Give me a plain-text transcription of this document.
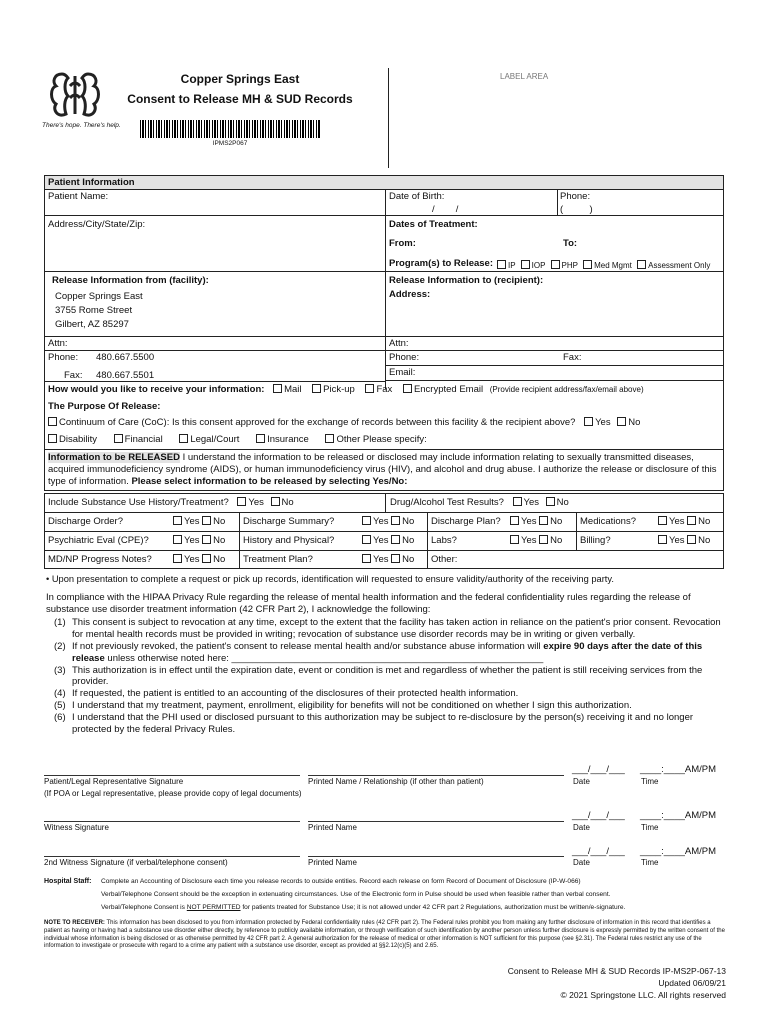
There's hope. There's help.
Copper Springs East
Consent to Release MH & SUD Records
IPMS2P067
LABEL AREA
Patient Information
Patient Name:	Date of Birth:
/        /
Phone:
(          )
Address/City/State/Zip:	Dates of Treatment:
From:	To:
Program(s) to Release:	IP IOP PHP Med Mgmt Assessment Only
Release Information from (facility):
Copper Springs East
3755 Rome Street
Gilbert, AZ 85297
Release Information to (recipient):
Address:
Attn:	Attn:
Phone: 480.667.5500	Phone:	Fax:
Fax: 480.667.5501	Email:
How would you like to receive your information: Mail Pick-up Fax Encrypted Email (Provide recipient address/fax/email above)
The Purpose Of Release:
Continuum of Care (CoC): Is this consent approved for the exchange of records between this facility & the recipient above? Yes No
Disability	Financial	Legal/Court	Insurance	Other Please specify:
Information to be RELEASED I understand the information to be released or disclosed may include information relating to sexually transmitted diseases, acquired immunodeficiency syndrome (AIDS), or human immunodeficiency virus (HIV), and alcohol and drug abuse. I authorize the release or disclosure of this type of information. Please select information to be released by selecting Yes/No:
Include Substance Use History/Treatment? Yes No	Drug/Alcohol Test Results? Yes No
Discharge Order?	Yes No Discharge Summary?	Yes No Discharge Plan?	Yes No Medications?	Yes No
Psychiatric Eval (CPE)?	Yes No History and Physical?	Yes No Labs?	Yes No Billing?	Yes No
MD/NP Progress Notes?	Yes No Treatment Plan?	Yes No Other:
• Upon presentation to complete a request or pick up records, identification will requested to ensure validity/authority of the receiving party.
In compliance with the HIPAA Privacy Rule regarding the release of mental health information and the federal confidentiality rules regarding the release of substance use disorder treatment information (42 CFR Part 2), I acknowledge the following:
(1) This consent is subject to revocation at any time, except to the extent that the facility has taken action in reliance on the patient's prior consent. Revocation for mental health records must be provided in writing; revocation of substance use disorder records may be in writing or given verbally.
(2) If not previously revoked, the patient's consent to release mental health and/or substance abuse information will expire 90 days after the date of this release unless otherwise noted here: ___________________________________________________________
(3) This authorization is in effect until the expiration date, event or condition is met and regardless of whether the patient is still receiving services from the provider.
(4) If requested, the patient is entitled to an accounting of the disclosures of their protected health information.
(5) I understand that my treatment, payment, enrollment, eligibility for benefits will not be conditioned on whether I sign this authorization.
(6) I understand that the PHI used or disclosed pursuant to this authorization may be subject to re-disclosure by the person(s) receiving it and no longer protected by the federal Privacy Rules.
Patient/Legal Representative Signature
(If POA or Legal representative, please provide copy of legal documents)
Printed Name / Relationship (if other than patient)
___/___/___ ____:____AM/PM
Date	Time
Witness Signature	Printed Name
___/___/___ ____:____AM/PM
Date	Time
2nd Witness Signature (if verbal/telephone consent)	Printed Name
___/___/___ ____:____AM/PM
Date	Time
Hospital Staff: Complete an Accounting of Disclosure each time you release records to outside entities. Record each release on form Record of Document of Disclosure (IP-W-066)
Verbal/Telephone Consent should be the exception in extenuating circumstances. Use of the Electronic form in Pulse should be used when feasible rather than verbal consent.
Verbal/Telephone Consent is NOT PERMITTED for patients treated for Substance Use; it is not allowed under 42 CFR part 2 Regulations, authorization must be written/e-signature.
NOTE TO RECEIVER: This information has been disclosed to you from information protected by Federal confidentiality rules (42 CFR part 2). The Federal rules prohibit you from making any further disclosure of information in this record that identifies a patient as having or having had a substance use disorder either directly, by reference to publicly available information, or through verification of such identification by another person unless further disclosure is expressly permitted by the written consent of the individual whose information is being disclosed or as otherwise permitted by 42 CFR part 2. A general authorization for the release of medical or other information is NOT sufficient for this purpose (see §2.31). The Federal rules restrict any use of the information to investigate or prosecute with regard to a crime any patient with a substance use disorder, except as provided at §§2.12(c)(5) and 2.65.
Consent to Release MH & SUD Records IP-MS2P-067-13
Updated 06/09/21
© 2021 Springstone LLC. All rights reserved
